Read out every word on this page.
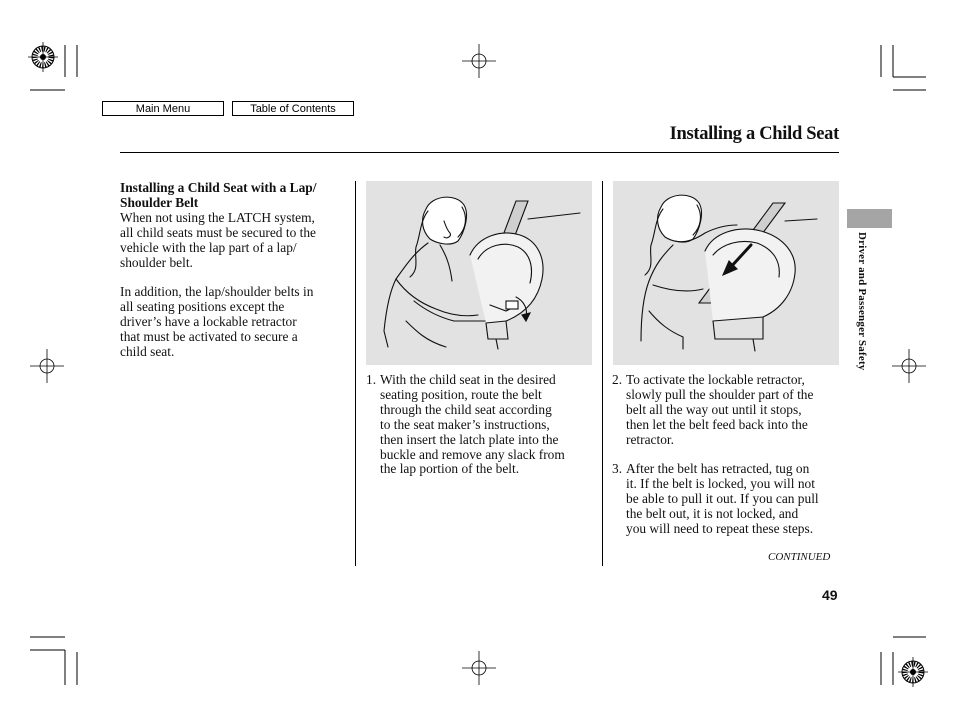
Main Menu	Table of Contents
Installing a Child Seat
Installing a Child Seat with a Lap/
Shoulder Belt
When not using the LATCH system,
all child seats must be secured to the
vehicle with the lap part of a lap/
shoulder belt.
In addition, the lap/shoulder belts in
all seating positions except the
driver’s have a lockable retractor
that must be activated to secure a
child seat.
1. With the child seat in the desired
seating position, route the belt
through the child seat according
to the seat maker’s instructions,
then insert the latch plate into the
buckle and remove any slack from
the lap portion of the belt.
2. To activate the lockable retractor,
slowly pull the shoulder part of the
belt all the way out until it stops,
then let the belt feed back into the
retractor.
3. After the belt has retracted, tug on
it. If the belt is locked, you will not
be able to pull it out. If you can pull
the belt out, it is not locked, and
you will need to repeat these steps.
CONTINUED
49
Driver and Passenger Safety
